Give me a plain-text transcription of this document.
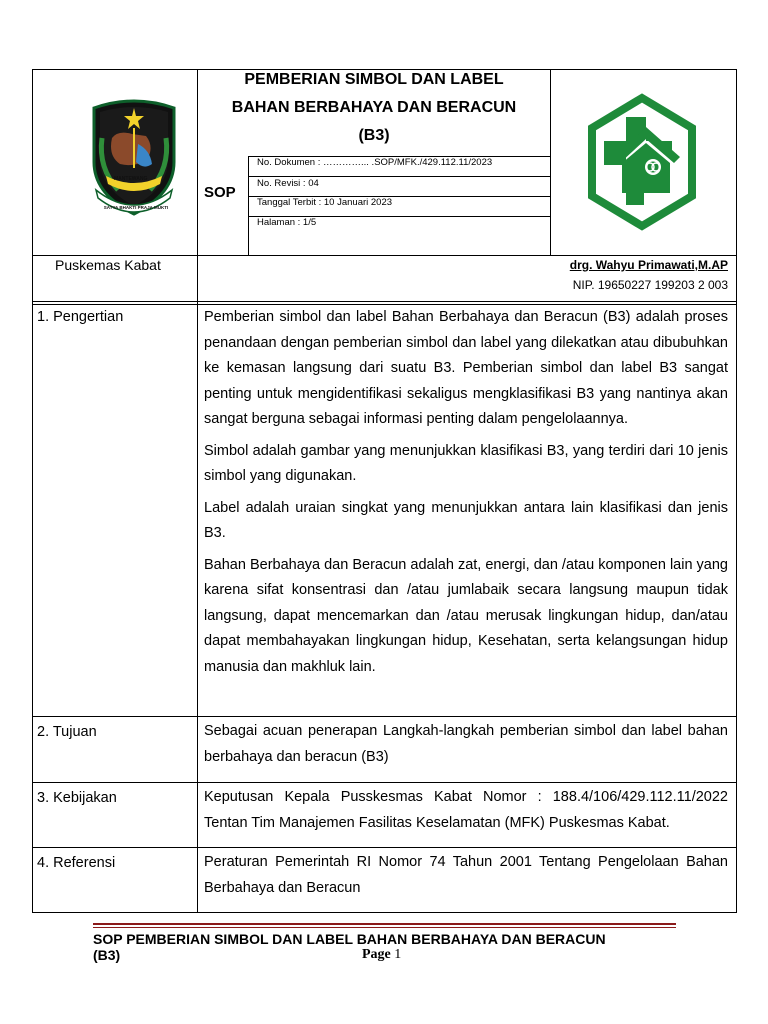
MANTEWANG
SATYA BHAKTI PRAJA MUKTI
PEMBERIAN SIMBOL DAN LABEL
BAHAN BERBAHAYA DAN BERACUN
(B3)
SOP
No. Dokumen : …………... .SOP/MFK./429.112.11/2023
No. Revisi : 04
Tanggal Terbit : 10 Januari 2023
Halaman : 1/5
Puskemas Kabat	drg. Wahyu Primawati,M.AP
NIP. 19650227 199203 2 003
1. Pengertian	Pemberian simbol dan label Bahan Berbahaya dan Beracun (B3) adalah proses penandaan dengan pemberian simbol dan label yang dilekatkan atau dibubuhkan ke kemasan langsung dari suatu B3. Pemberian simbol dan label B3 sangat penting untuk mengidentifikasi sekaligus mengklasifikasi B3 yang nantinya akan sangat berguna sebagai informasi penting dalam pengelolaannya.

Simbol adalah gambar yang menunjukkan klasifikasi B3, yang terdiri dari 10 jenis simbol yang digunakan.

Label adalah uraian singkat yang menunjukkan antara lain klasifikasi dan jenis B3.

Bahan Berbahaya dan Beracun adalah zat, energi, dan /atau komponen lain yang karena sifat konsentrasi dan /atau jumlabaik secara langsung maupun tidak langsung, dapat mencemarkan dan /atau merusak lingkungan hidup, dan/atau dapat membahayakan lingkungan hidup, Kesehatan, serta kelangsungan hidup manusia dan makhluk lain.

2. Tujuan	Sebagai acuan penerapan Langkah-langkah pemberian simbol dan label bahan berbahaya dan beracun (B3)

3. Kebijakan	Keputusan Kepala Pusskesmas Kabat Nomor : 188.4/106/429.112.11/2022 Tentan Tim Manajemen Fasilitas Keselamatan (MFK) Puskesmas Kabat.

4. Referensi	Peraturan Pemerintah RI Nomor 74 Tahun 2001 Tentang Pengelolaan Bahan Berbahaya dan Beracun

SOP PEMBERIAN SIMBOL DAN LABEL BAHAN BERBAHAYA DAN BERACUN
(B3)	Page 1
